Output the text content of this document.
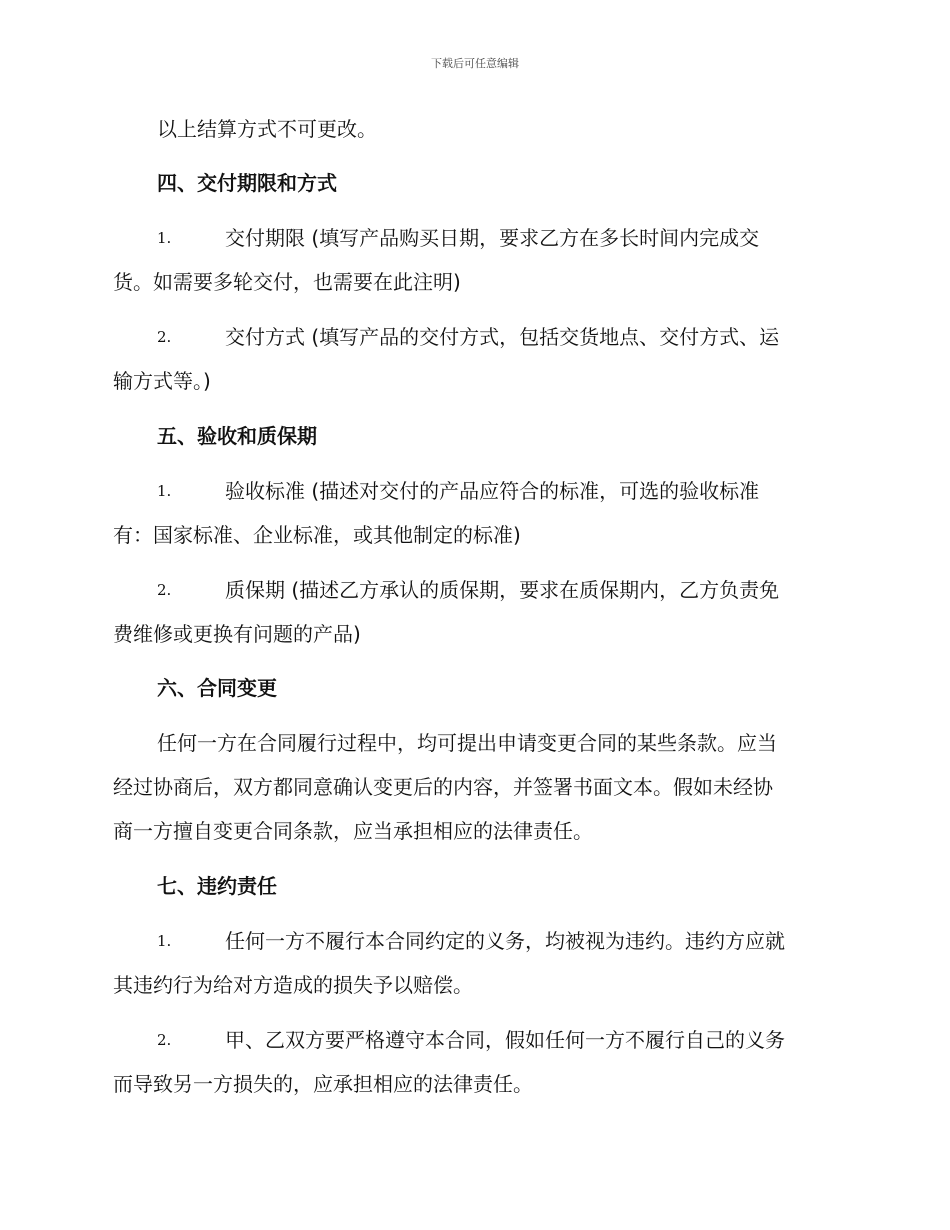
下载后可任意编辑
以上结算方式不可更改。
四、交付期限和方式
1.	交付期限 (填写产品购买日期，要求乙方在多长时间内完成交
货。如需要多轮交付，也需要在此注明)
2.	交付方式 (填写产品的交付方式，包括交货地点、交付方式、运
输方式等。)
五、验收和质保期
1.	验收标准 (描述对交付的产品应符合的标准，可选的验收标准
有：国家标准、企业标准，或其他制定的标准)
2.	质保期 (描述乙方承认的质保期，要求在质保期内，乙方负责免
费维修或更换有问题的产品)
六、合同变更
任何一方在合同履行过程中，均可提出申请变更合同的某些条款。应当
经过协商后，双方都同意确认变更后的内容，并签署书面文本。假如未经协
商一方擅自变更合同条款，应当承担相应的法律责任。
七、违约责任
1.	任何一方不履行本合同约定的义务，均被视为违约。违约方应就
其违约行为给对方造成的损失予以赔偿。
2.	甲、乙双方要严格遵守本合同，假如任何一方不履行自己的义务
而导致另一方损失的，应承担相应的法律责任。
